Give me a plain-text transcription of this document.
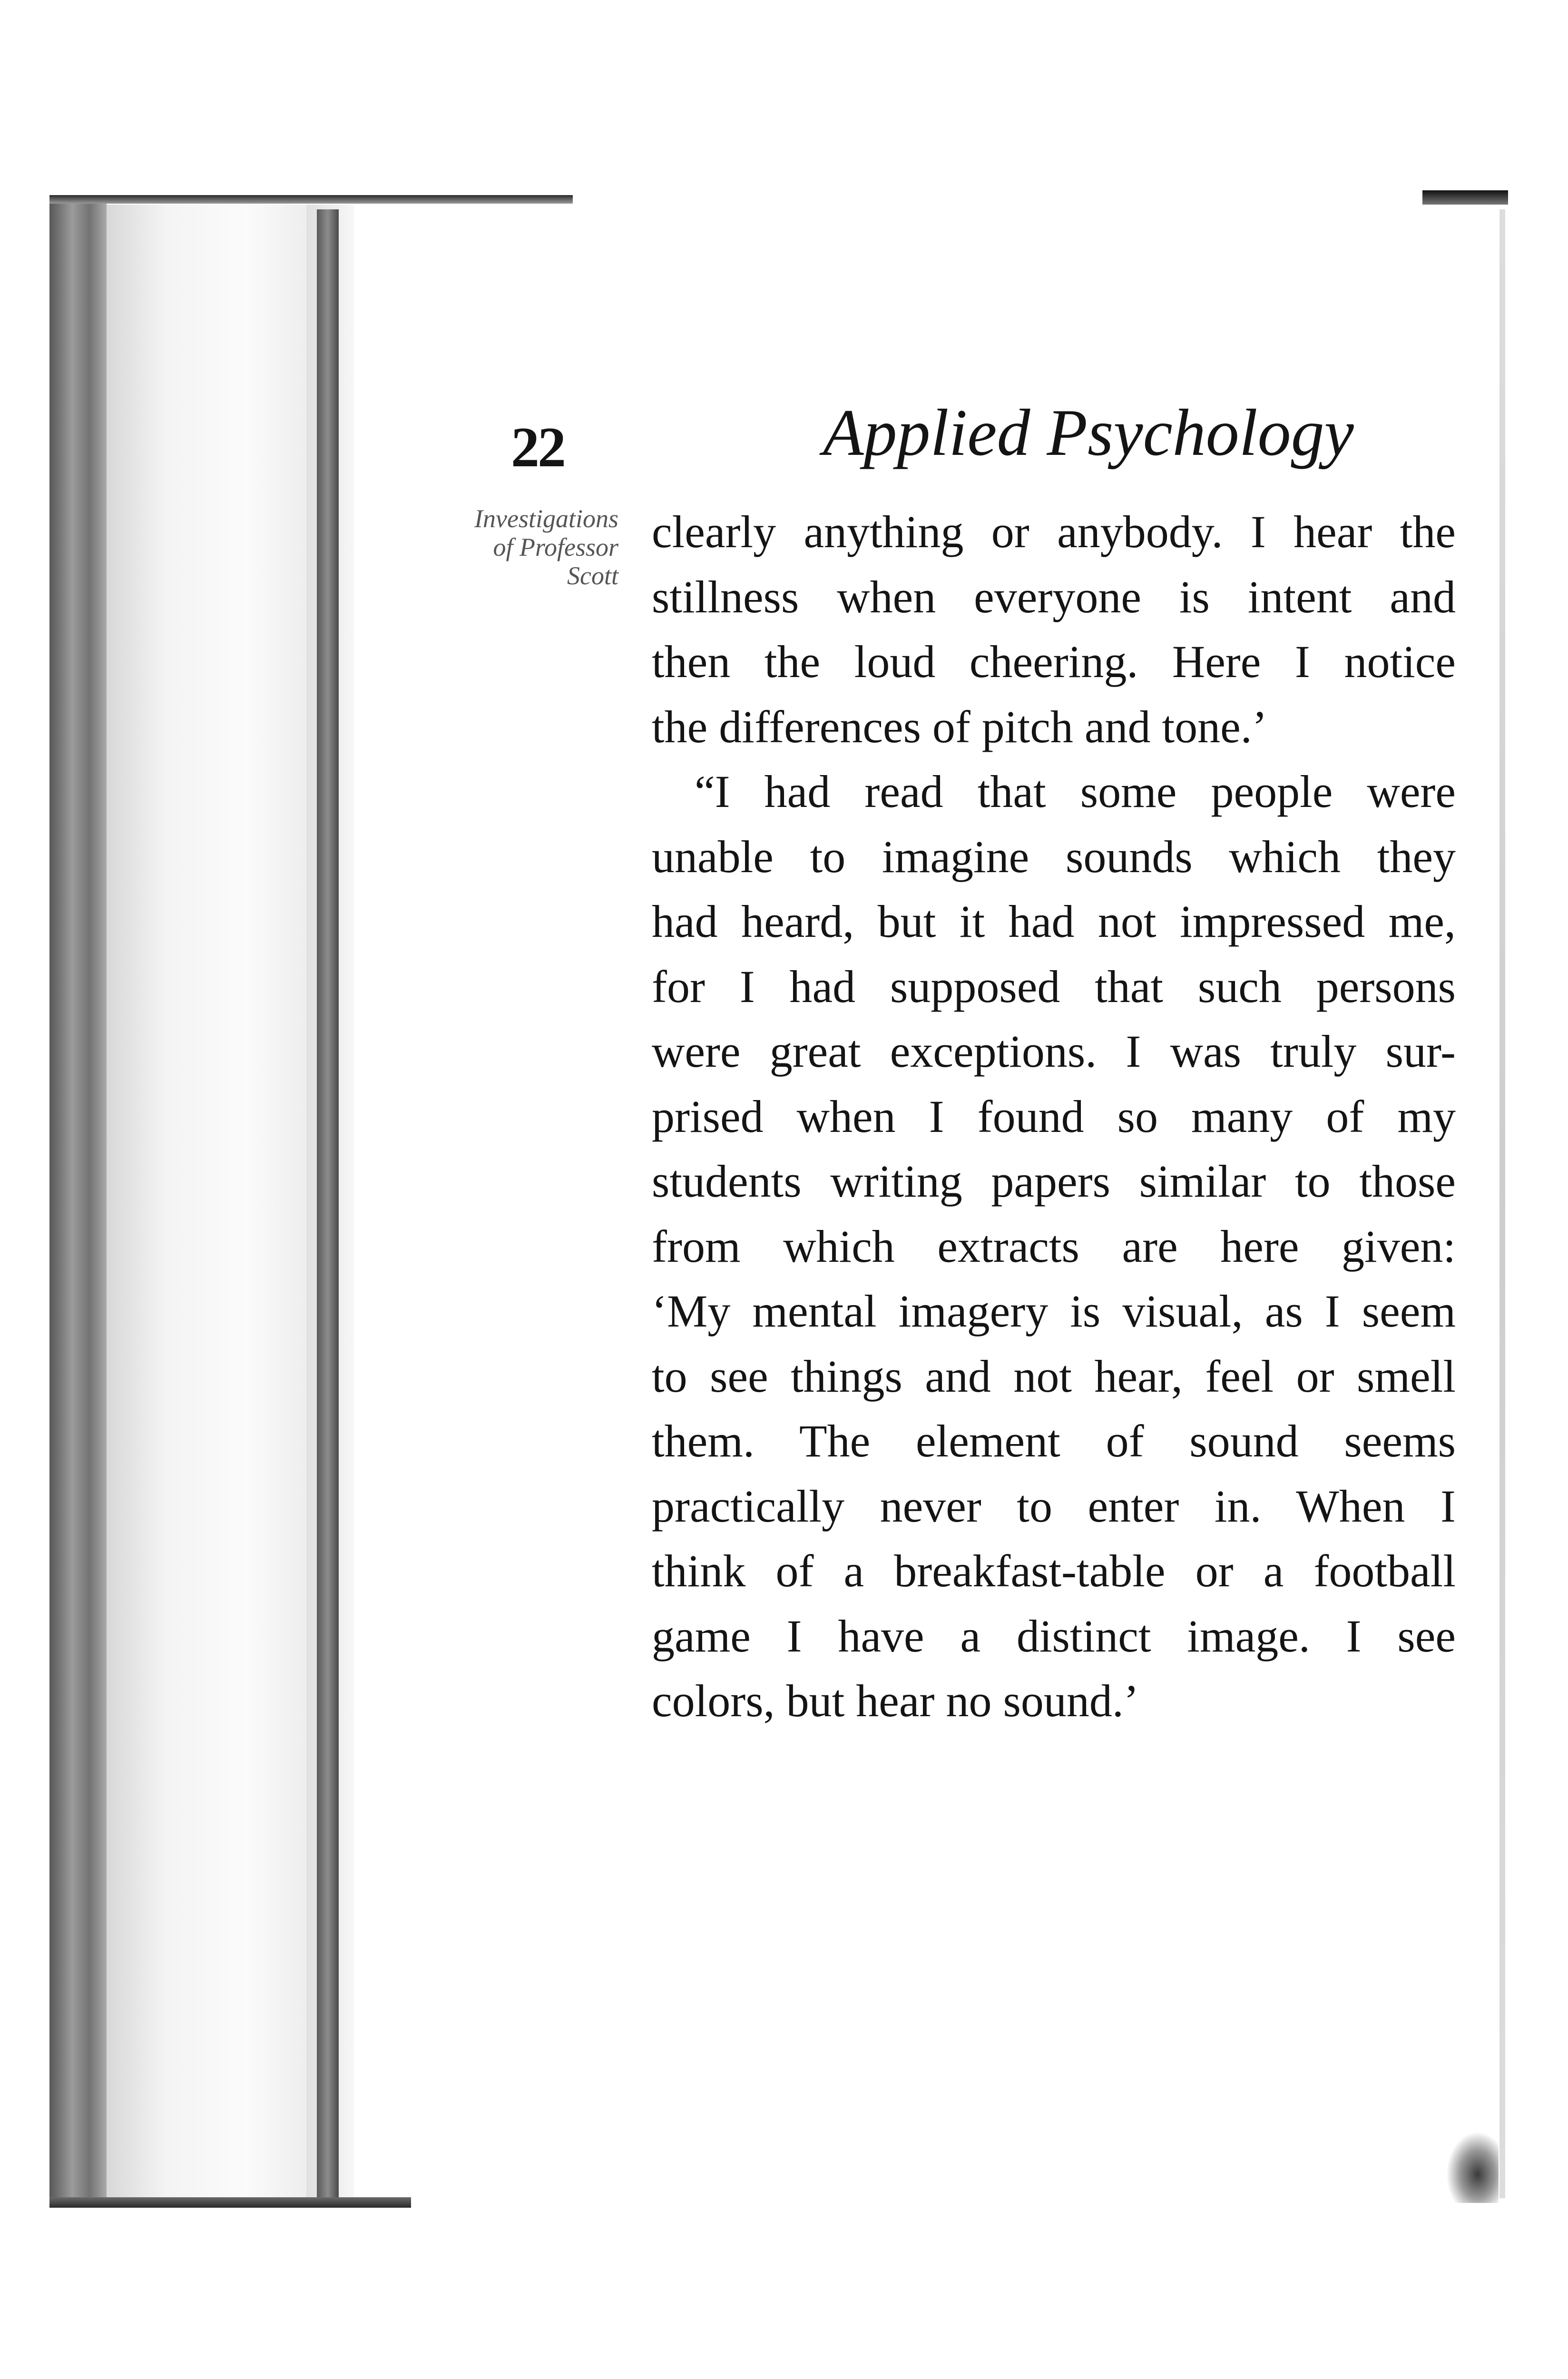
22	Applied Psychology
Investigations
of Professor
Scott
clearly anything or anybody. I hear the
stillness when everyone is intent and
then the loud cheering. Here I notice
the differences of pitch and tone.’
“I had read that some people were
unable to imagine sounds which they
had heard, but it had not impressed me,
for I had supposed that such persons
were great exceptions. I was truly sur-
prised when I found so many of my
students writing papers similar to those
from which extracts are here given:
‘My mental imagery is visual, as I seem
to see things and not hear, feel or smell
them. The element of sound seems
practically never to enter in. When I
think of a breakfast-table or a football
game I have a distinct image. I see
colors, but hear no sound.’
